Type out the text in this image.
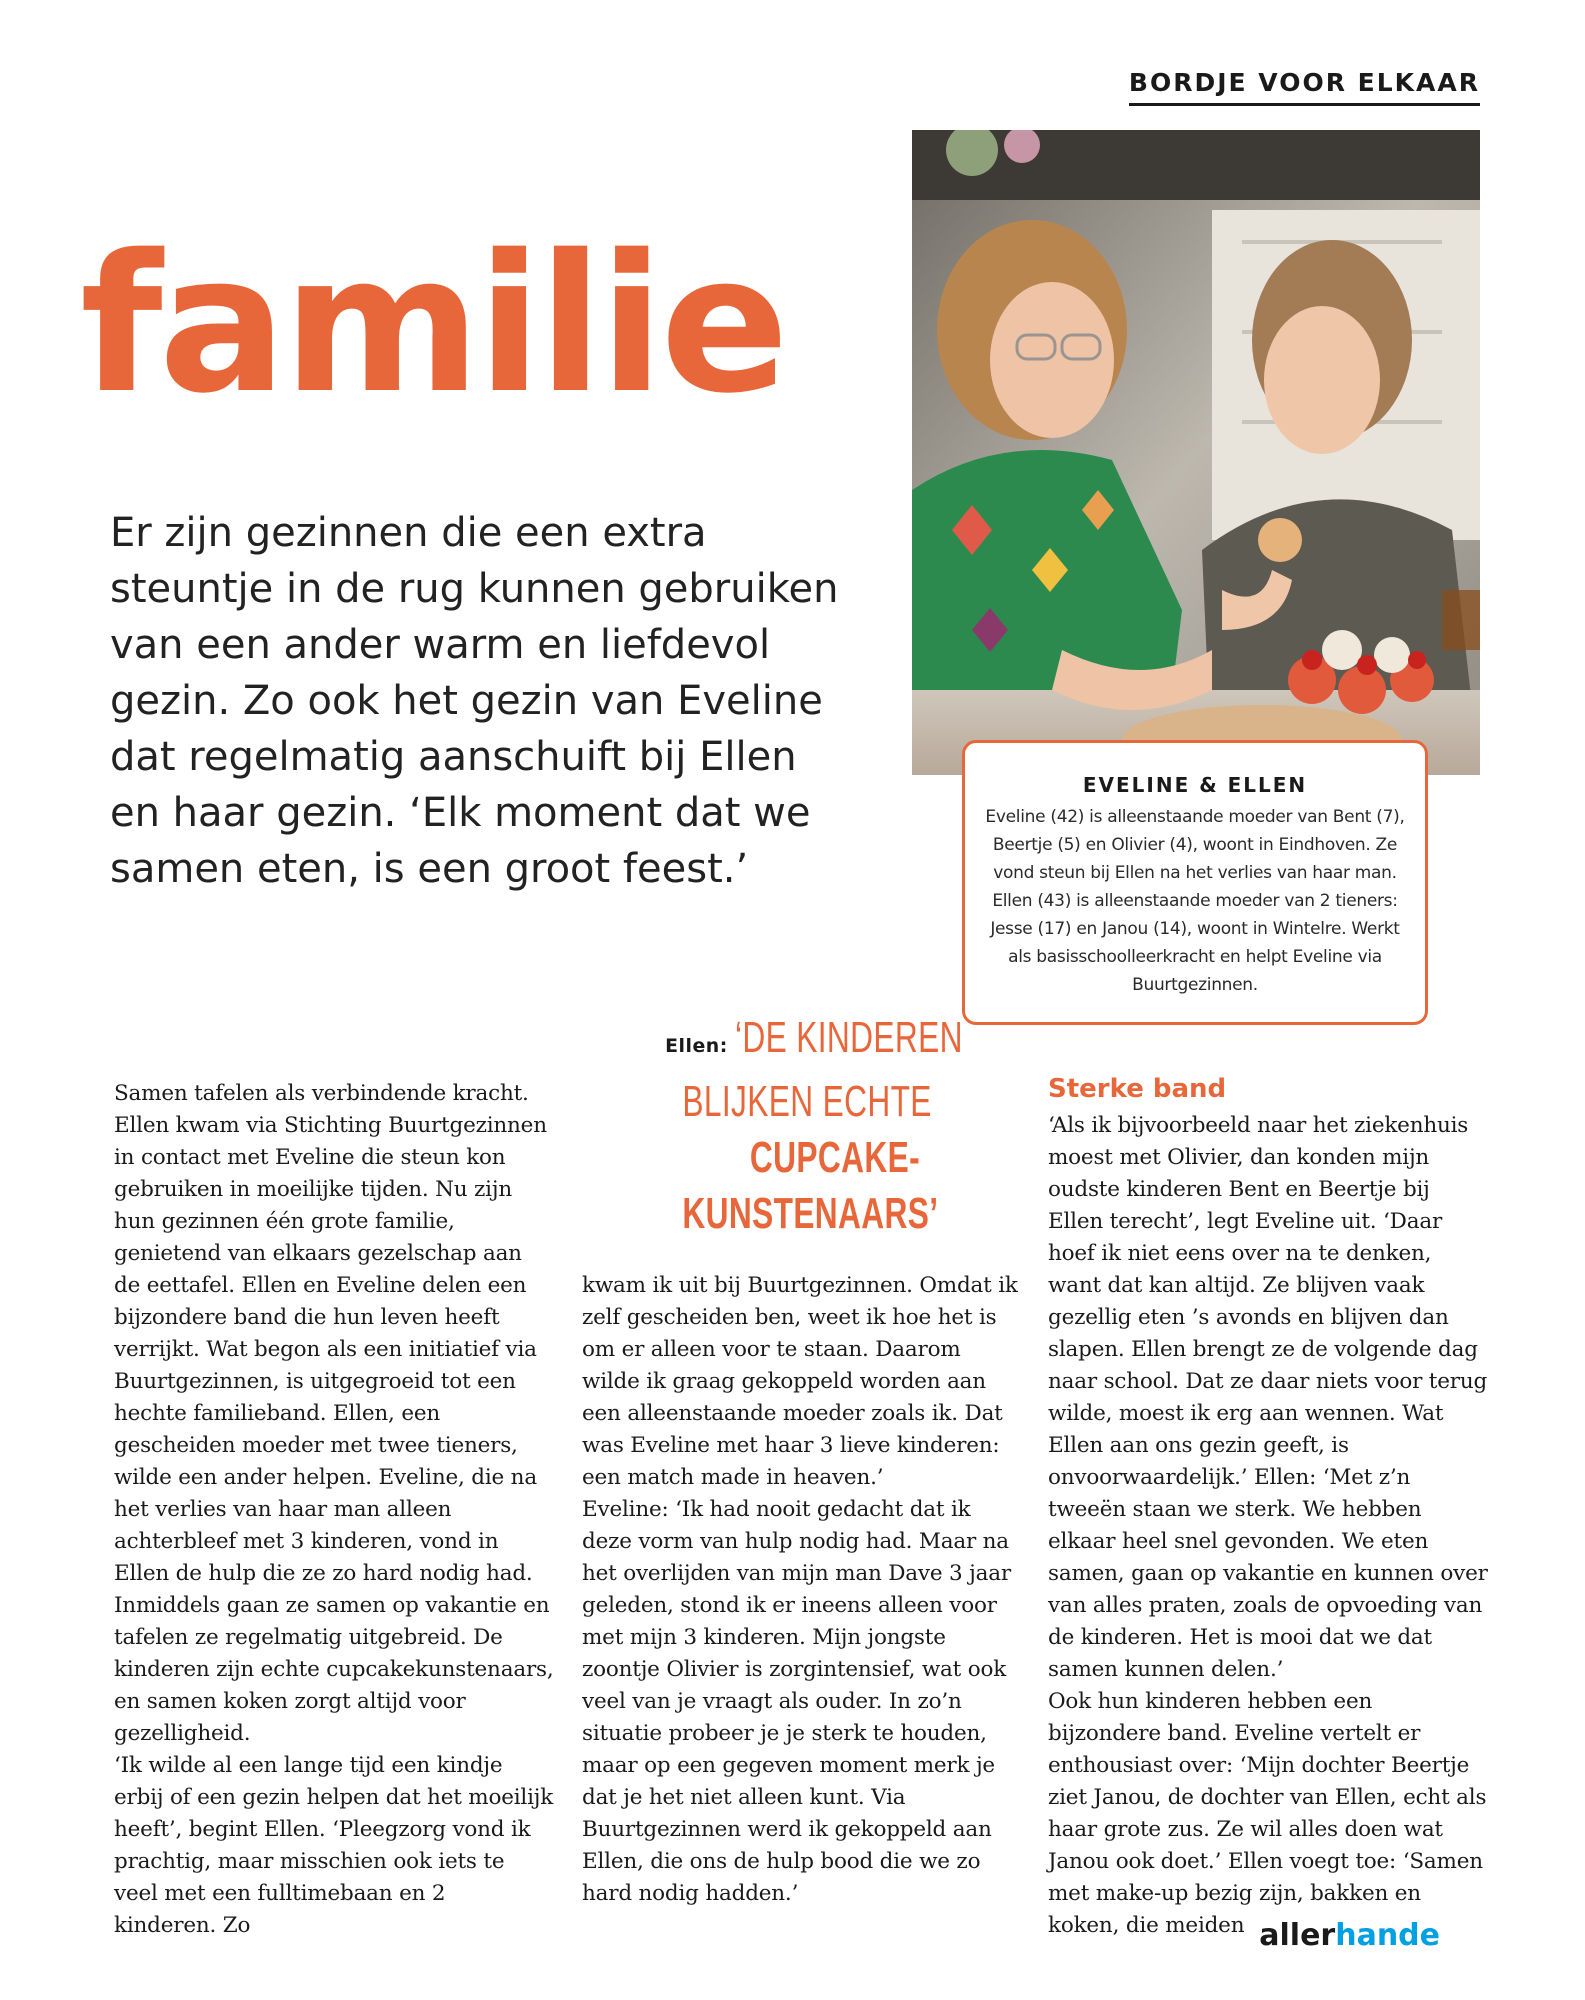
BORDJE VOOR ELKAAR
familie
Er zijn gezinnen die een extra steuntje in de rug kunnen gebruiken van een ander warm en liefdevol gezin. Zo ook het gezin van Eveline dat regelmatig aanschuift bij Ellen en haar gezin. ‘Elk moment dat we samen eten, is een groot feest.’
EVELINE & ELLEN
Eveline (42) is alleenstaande moeder van Bent (7), Beertje (5) en Olivier (4), woont in Eindhoven. Ze vond steun bij Ellen na het verlies van haar man. Ellen (43) is alleenstaande moeder van 2 tieners: Jesse (17) en Janou (14), woont in Wintelre. Werkt als basisschoolleerkracht en helpt Eveline via Buurtgezinnen.
Ellen: ‘DE KINDEREN
BLIJKEN ECHTE
CUPCAKE-
KUNSTENAARS’

Samen tafelen als verbindende kracht. Ellen kwam via Stichting Buurtgezinnen in contact met Eveline die steun kon gebruiken in moeilijke tijden. Nu zijn hun gezinnen één grote familie, genietend van elkaars gezelschap aan de eettafel. Ellen en Eveline delen een bijzondere band die hun leven heeft verrijkt. Wat begon als een initiatief via Buurtgezinnen, is uitgegroeid tot een hechte familieband. Ellen, een gescheiden moeder met twee tieners, wilde een ander helpen. Eveline, die na het verlies van haar man alleen achterbleef met 3 kinderen, vond in Ellen de hulp die ze zo hard nodig had. Inmiddels gaan ze samen op vakantie en tafelen ze regelmatig uitgebreid. De kinderen zijn echte cupcakekunstenaars, en samen koken zorgt altijd voor gezelligheid.

‘Ik wilde al een lange tijd een kindje erbij of een gezin helpen dat het moeilijk heeft’, begint Ellen. ‘Pleegzorg vond ik prachtig, maar misschien ook iets te veel met een fulltimebaan en 2 kinderen. Zo

kwam ik uit bij Buurtgezinnen. Omdat ik zelf gescheiden ben, weet ik hoe het is om er alleen voor te staan. Daarom wilde ik graag gekoppeld worden aan een alleenstaande moeder zoals ik. Dat was Eveline met haar 3 lieve kinderen: een match made in heaven.’

Eveline: ‘Ik had nooit gedacht dat ik deze vorm van hulp nodig had. Maar na het overlijden van mijn man Dave 3 jaar geleden, stond ik er ineens alleen voor met mijn 3 kinderen. Mijn jongste zoontje Olivier is zorgintensief, wat ook veel van je vraagt als ouder. In zo’n situatie probeer je je sterk te houden, maar op een gegeven moment merk je dat je het niet alleen kunt. Via Buurtgezinnen werd ik gekoppeld aan Ellen, die ons de hulp bood die we zo hard nodig hadden.’

Sterke band

‘Als ik bijvoorbeeld naar het ziekenhuis moest met Olivier, dan konden mijn oudste kinderen Bent en Beertje bij Ellen terecht’, legt Eveline uit. ‘Daar hoef ik niet eens over na te denken, want dat kan altijd. Ze blijven vaak gezellig eten ’s avonds en blijven dan slapen. Ellen brengt ze de volgende dag naar school. Dat ze daar niets voor terug wilde, moest ik erg aan wennen. Wat Ellen aan ons gezin geeft, is onvoorwaardelijk.’ Ellen: ‘Met z’n tweeën staan we sterk. We hebben elkaar heel snel gevonden. We eten samen, gaan op vakantie en kunnen over van alles praten, zoals de opvoeding van de kinderen. Het is mooi dat we dat samen kunnen delen.’

Ook hun kinderen hebben een bijzondere band. Eveline vertelt er enthousiast over: ‘Mijn dochter Beertje ziet Janou, de dochter van Ellen, echt als haar grote zus. Ze wil alles doen wat Janou ook doet.’ Ellen voegt toe: ‘Samen met make-up bezig zijn, bakken en koken, die meiden allerhande
